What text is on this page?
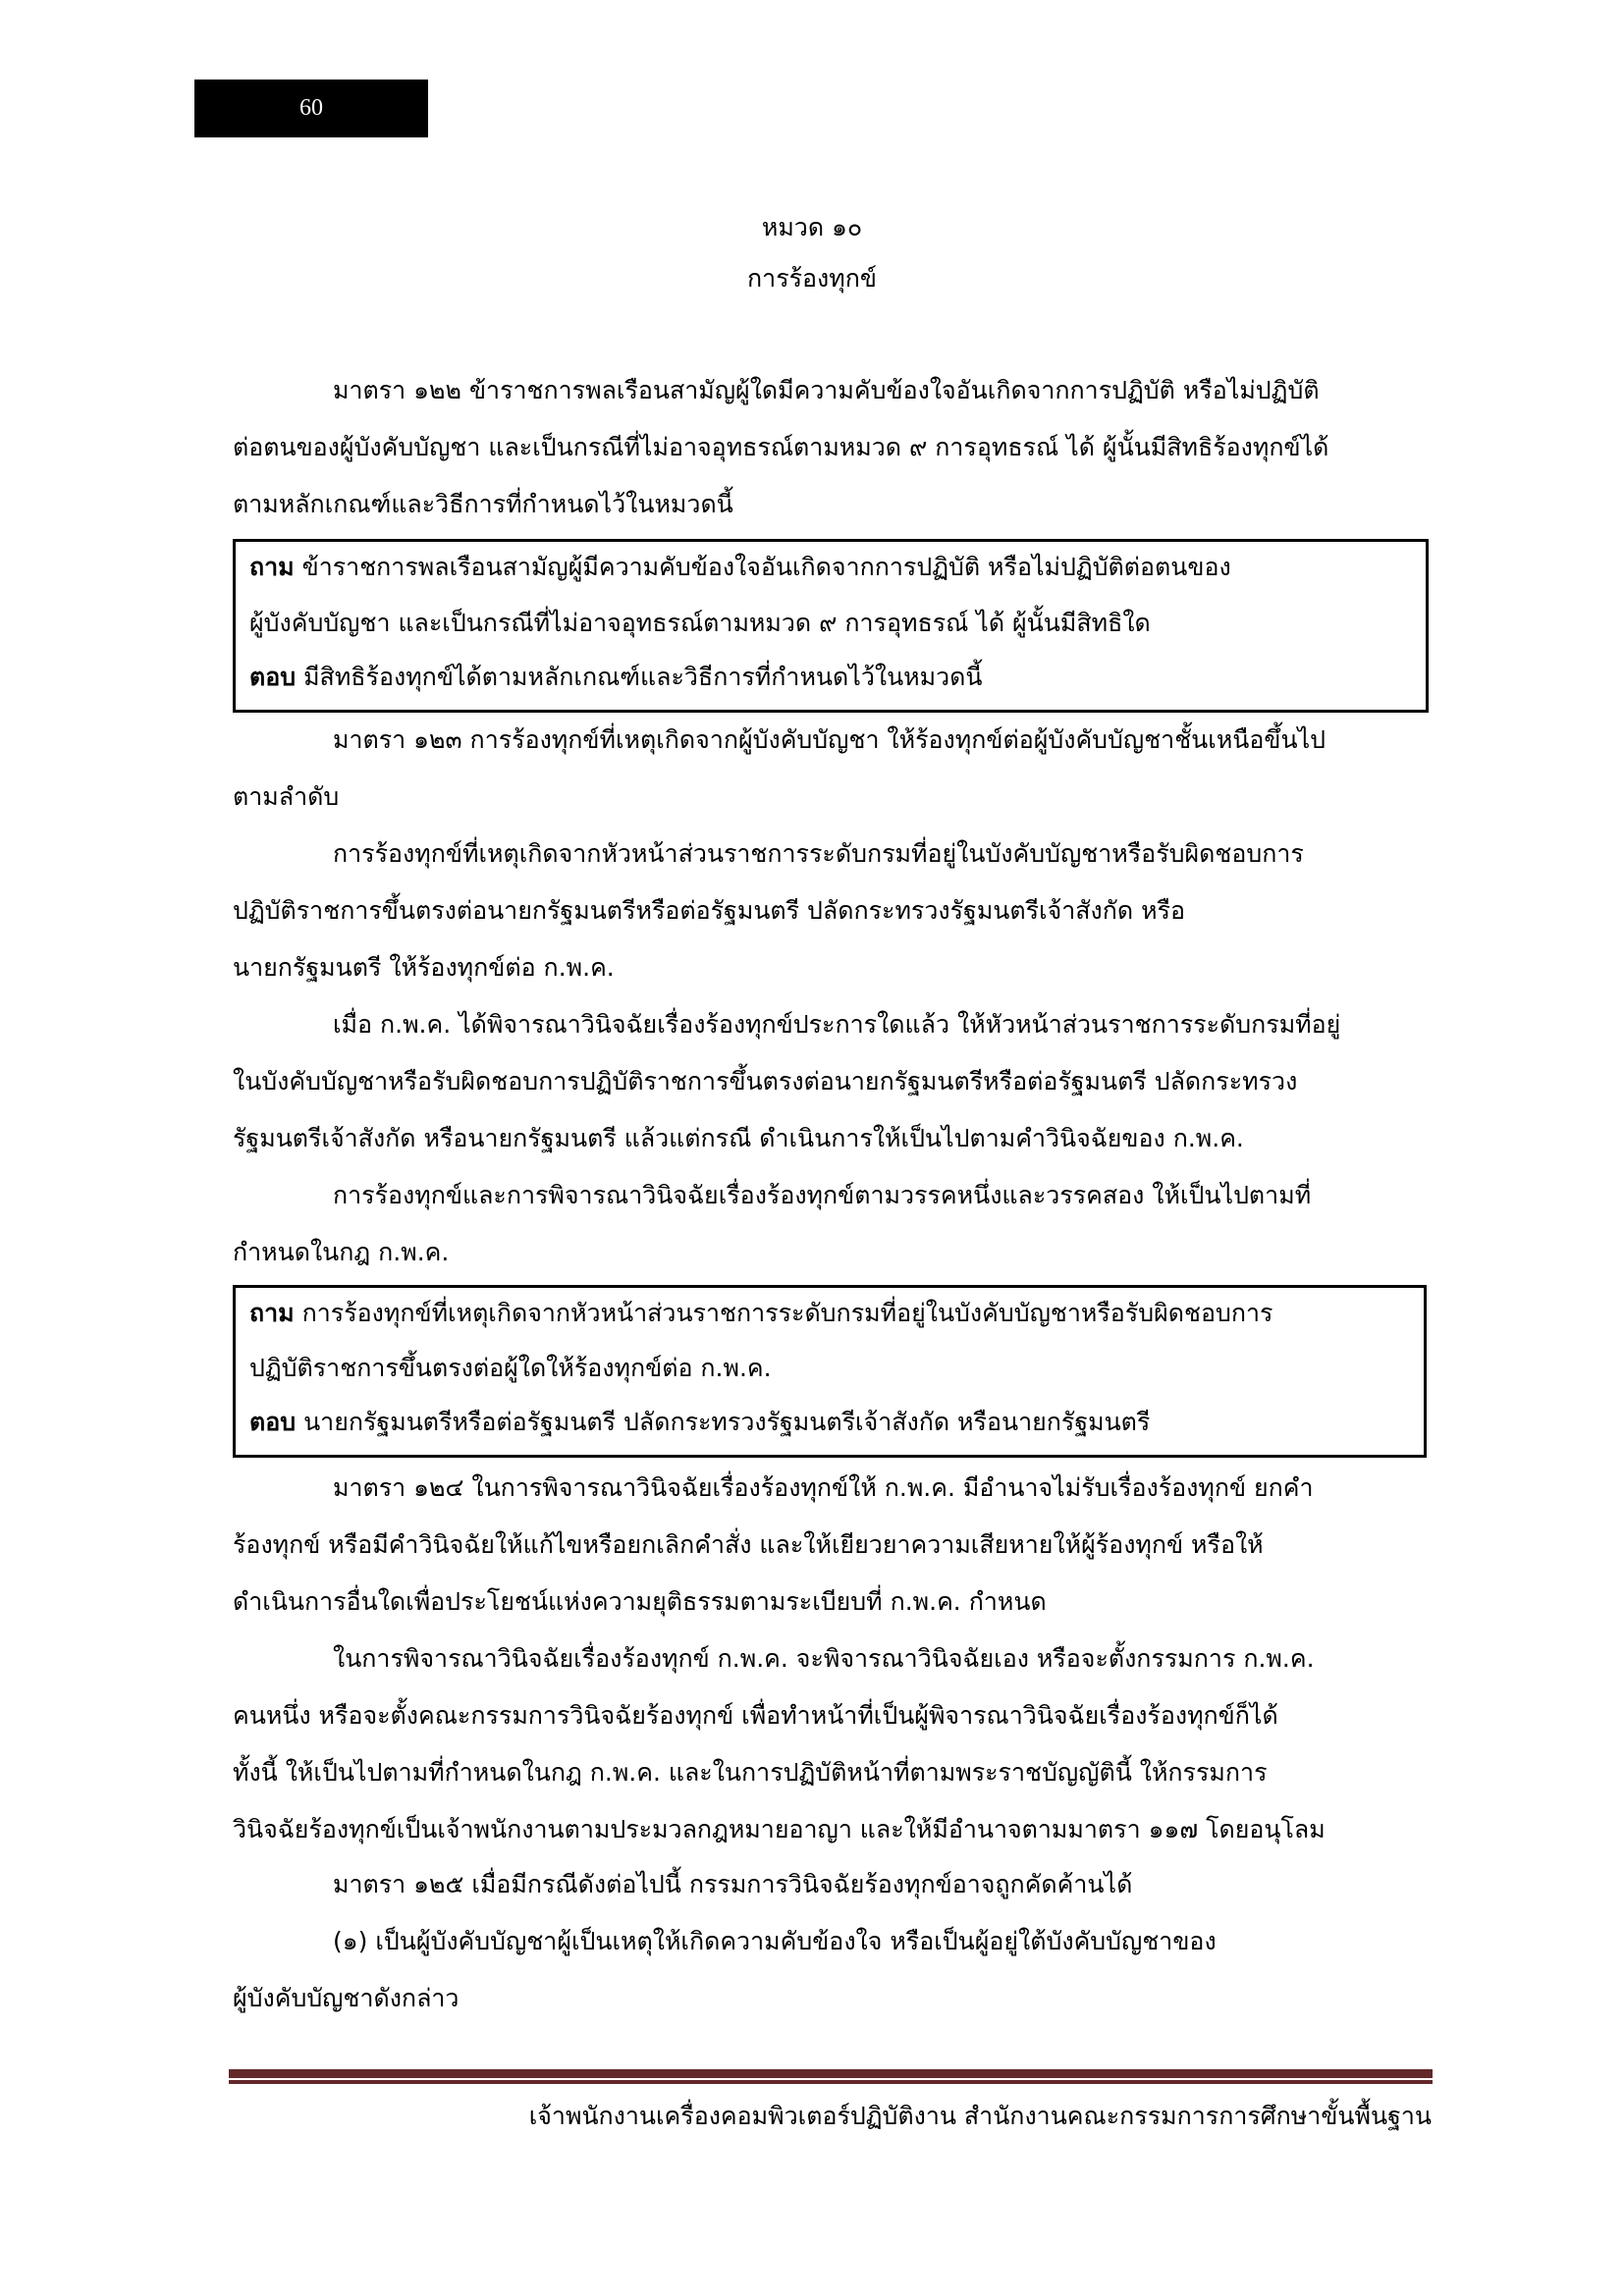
60
หมวด ๑๐
การร้องทุกข์
มาตรา ๑๒๒ ข้าราชการพลเรือนสามัญผู้ใดมีความคับข้องใจอันเกิดจากการปฏิบัติ หรือไม่ปฏิบัติ
ต่อตนของผู้บังคับบัญชา และเป็นกรณีที่ไม่อาจอุทธรณ์ตามหมวด ๙ การอุทธรณ์ ได้ ผู้นั้นมีสิทธิร้องทุกข์ได้
ตามหลักเกณฑ์และวิธีการที่กำหนดไว้ในหมวดนี้
ถาม ข้าราชการพลเรือนสามัญผู้มีความคับข้องใจอันเกิดจากการปฏิบัติ หรือไม่ปฏิบัติต่อตนของ
ผู้บังคับบัญชา และเป็นกรณีที่ไม่อาจอุทธรณ์ตามหมวด ๙ การอุทธรณ์ ได้ ผู้นั้นมีสิทธิใด
ตอบ มีสิทธิร้องทุกข์ได้ตามหลักเกณฑ์และวิธีการที่กำหนดไว้ในหมวดนี้
มาตรา ๑๒๓ การร้องทุกข์ที่เหตุเกิดจากผู้บังคับบัญชา ให้ร้องทุกข์ต่อผู้บังคับบัญชาชั้นเหนือขึ้นไป
ตามลำดับ
การร้องทุกข์ที่เหตุเกิดจากหัวหน้าส่วนราชการระดับกรมที่อยู่ในบังคับบัญชาหรือรับผิดชอบการ
ปฏิบัติราชการขึ้นตรงต่อนายกรัฐมนตรีหรือต่อรัฐมนตรี ปลัดกระทรวงรัฐมนตรีเจ้าสังกัด หรือ
นายกรัฐมนตรี ให้ร้องทุกข์ต่อ ก.พ.ค.
เมื่อ ก.พ.ค. ได้พิจารณาวินิจฉัยเรื่องร้องทุกข์ประการใดแล้ว ให้หัวหน้าส่วนราชการระดับกรมที่อยู่
ในบังคับบัญชาหรือรับผิดชอบการปฏิบัติราชการขึ้นตรงต่อนายกรัฐมนตรีหรือต่อรัฐมนตรี ปลัดกระทรวง
รัฐมนตรีเจ้าสังกัด หรือนายกรัฐมนตรี แล้วแต่กรณี ดำเนินการให้เป็นไปตามคำวินิจฉัยของ ก.พ.ค.
การร้องทุกข์และการพิจารณาวินิจฉัยเรื่องร้องทุกข์ตามวรรคหนึ่งและวรรคสอง ให้เป็นไปตามที่
กำหนดในกฎ ก.พ.ค.
ถาม การร้องทุกข์ที่เหตุเกิดจากหัวหน้าส่วนราชการระดับกรมที่อยู่ในบังคับบัญชาหรือรับผิดชอบการ
ปฏิบัติราชการขึ้นตรงต่อผู้ใดให้ร้องทุกข์ต่อ ก.พ.ค.
ตอบ นายกรัฐมนตรีหรือต่อรัฐมนตรี ปลัดกระทรวงรัฐมนตรีเจ้าสังกัด หรือนายกรัฐมนตรี
มาตรา ๑๒๔ ในการพิจารณาวินิจฉัยเรื่องร้องทุกข์ให้ ก.พ.ค. มีอำนาจไม่รับเรื่องร้องทุกข์ ยกคำ
ร้องทุกข์ หรือมีคำวินิจฉัยให้แก้ไขหรือยกเลิกคำสั่ง และให้เยียวยาความเสียหายให้ผู้ร้องทุกข์ หรือให้
ดำเนินการอื่นใดเพื่อประโยชน์แห่งความยุติธรรมตามระเบียบที่ ก.พ.ค. กำหนด
ในการพิจารณาวินิจฉัยเรื่องร้องทุกข์ ก.พ.ค. จะพิจารณาวินิจฉัยเอง หรือจะตั้งกรรมการ ก.พ.ค.
คนหนึ่ง หรือจะตั้งคณะกรรมการวินิจฉัยร้องทุกข์ เพื่อทำหน้าที่เป็นผู้พิจารณาวินิจฉัยเรื่องร้องทุกข์ก็ได้
ทั้งนี้ ให้เป็นไปตามที่กำหนดในกฎ ก.พ.ค. และในการปฏิบัติหน้าที่ตามพระราชบัญญัตินี้ ให้กรรมการ
วินิจฉัยร้องทุกข์เป็นเจ้าพนักงานตามประมวลกฎหมายอาญา และให้มีอำนาจตามมาตรา ๑๑๗ โดยอนุโลม
มาตรา ๑๒๕ เมื่อมีกรณีดังต่อไปนี้ กรรมการวินิจฉัยร้องทุกข์อาจถูกคัดค้านได้
(๑) เป็นผู้บังคับบัญชาผู้เป็นเหตุให้เกิดความคับข้องใจ หรือเป็นผู้อยู่ใต้บังคับบัญชาของ
ผู้บังคับบัญชาดังกล่าว
เจ้าพนักงานเครื่องคอมพิวเตอร์ปฏิบัติงาน สำนักงานคณะกรรมการการศึกษาขั้นพื้นฐาน
